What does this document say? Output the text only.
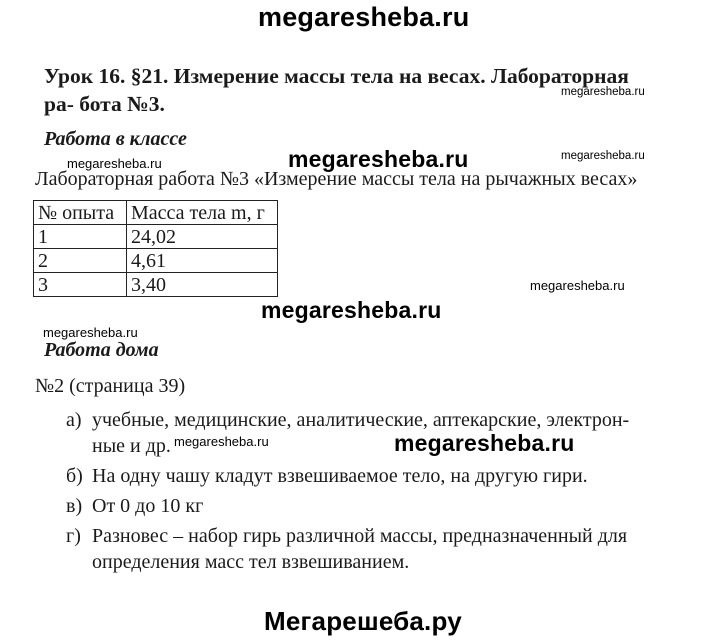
megaresheba.ru
megaresheba.ru
megaresheba.ru	megaresheba.ru	megaresheba.ru
megaresheba.ru
megaresheba.ru
megaresheba.ru
megaresheba.ru	megaresheba.ru
Мегарешеба.ру
Урок 16. §21. Измерение массы тела на весах. Лабораторная ра- бота №3.
Работа в классе
Лабораторная работа №3 «Измерение массы тела на рычажных весах»
№ опыта	Масса тела m, г
1	24,02
2	4,61
3	3,40
Работа дома
№2 (страница 39)
а) учебные, медицинские, аналитические, аптекарские, электрон- ные и др.
б) На одну чашу кладут взвешиваемое тело, на другую гири.
в) От 0 до 10 кг
г) Разновес – набор гирь различной массы, предназначенный для определения масс тел взвешиванием.
